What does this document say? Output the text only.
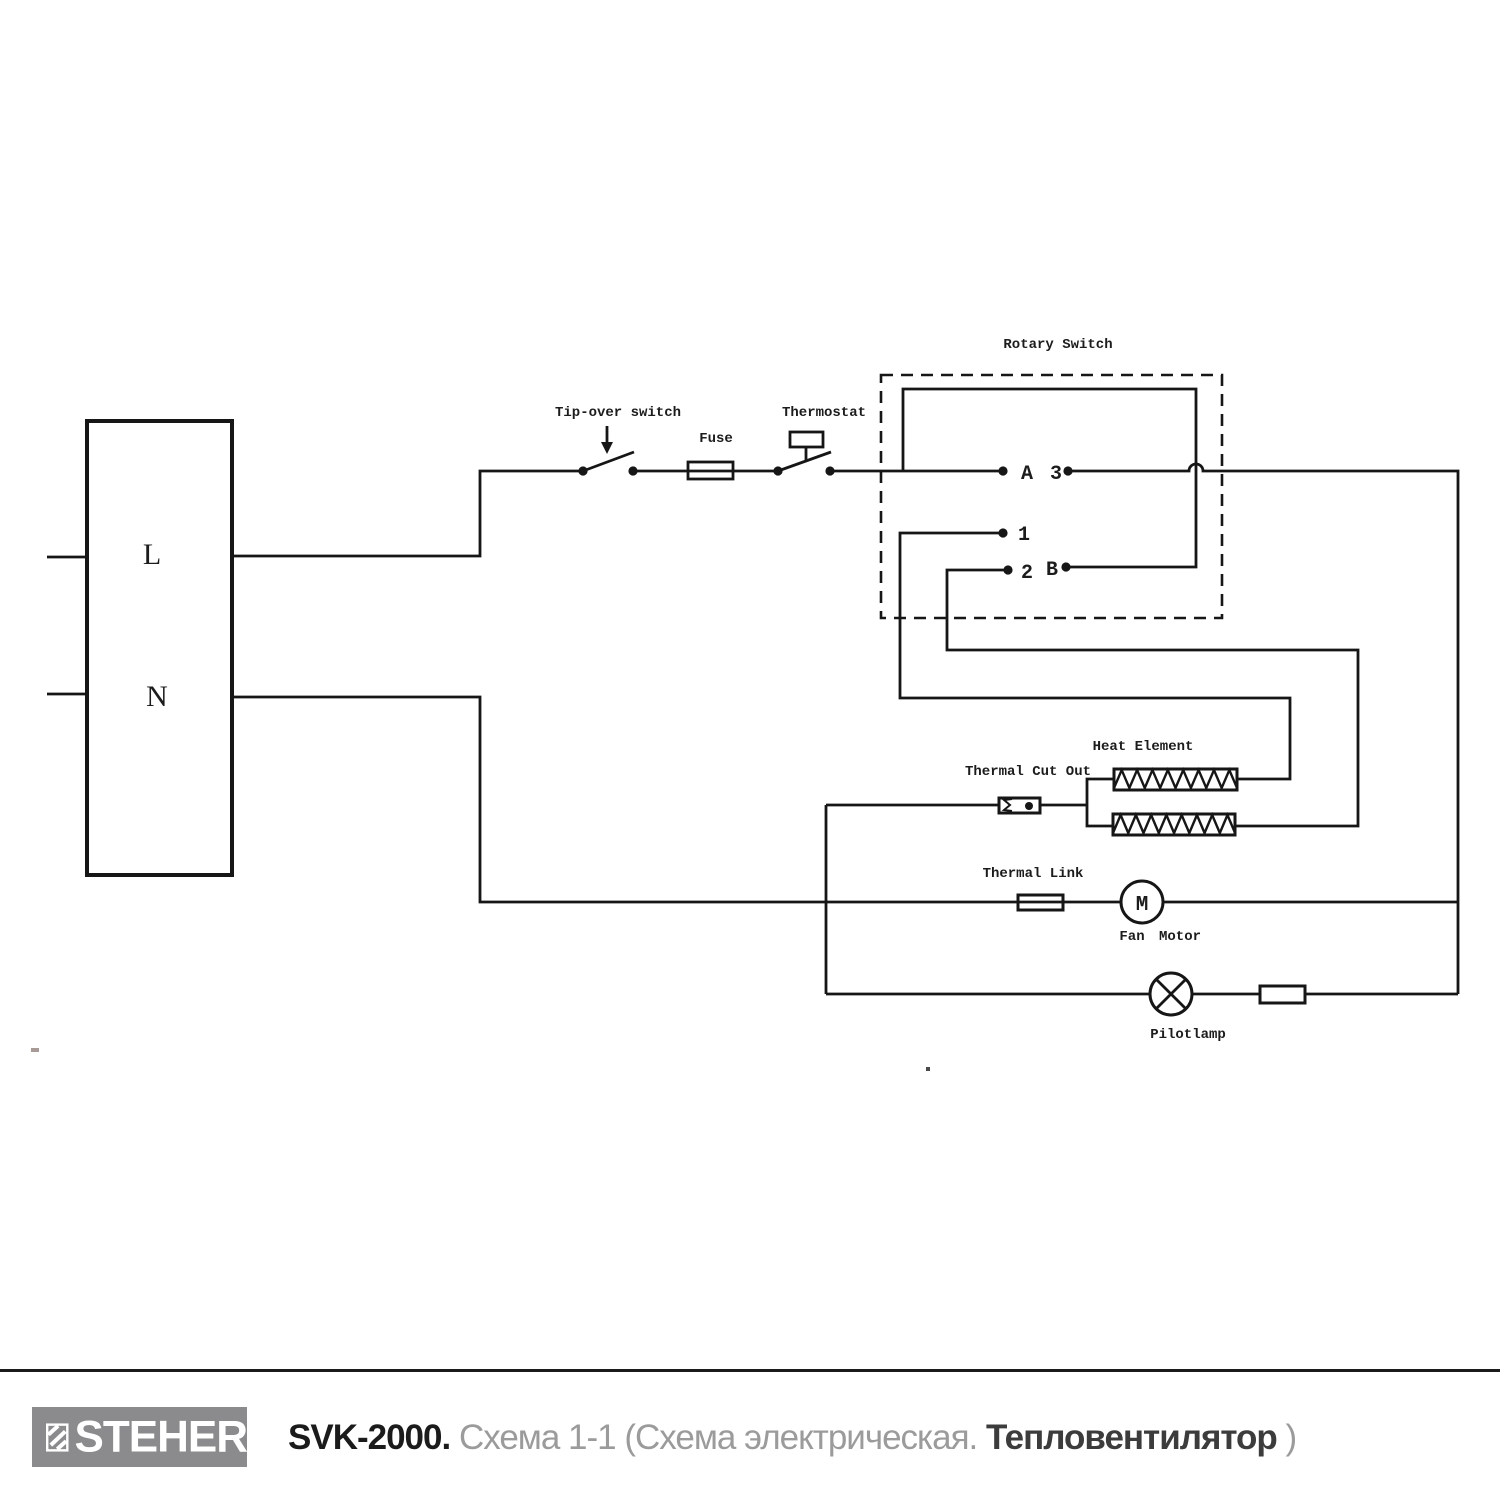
L
N
Tip-over switch
Fuse
Thermostat
Rotary Switch
A 3
1
2 B
Heat Element
Thermal Cut Out
Thermal Link
M
Fan Motor
Pilotlamp
STEHER SVK-2000. Схема 1-1 (Схема электрическая. Тепловентилятор )
